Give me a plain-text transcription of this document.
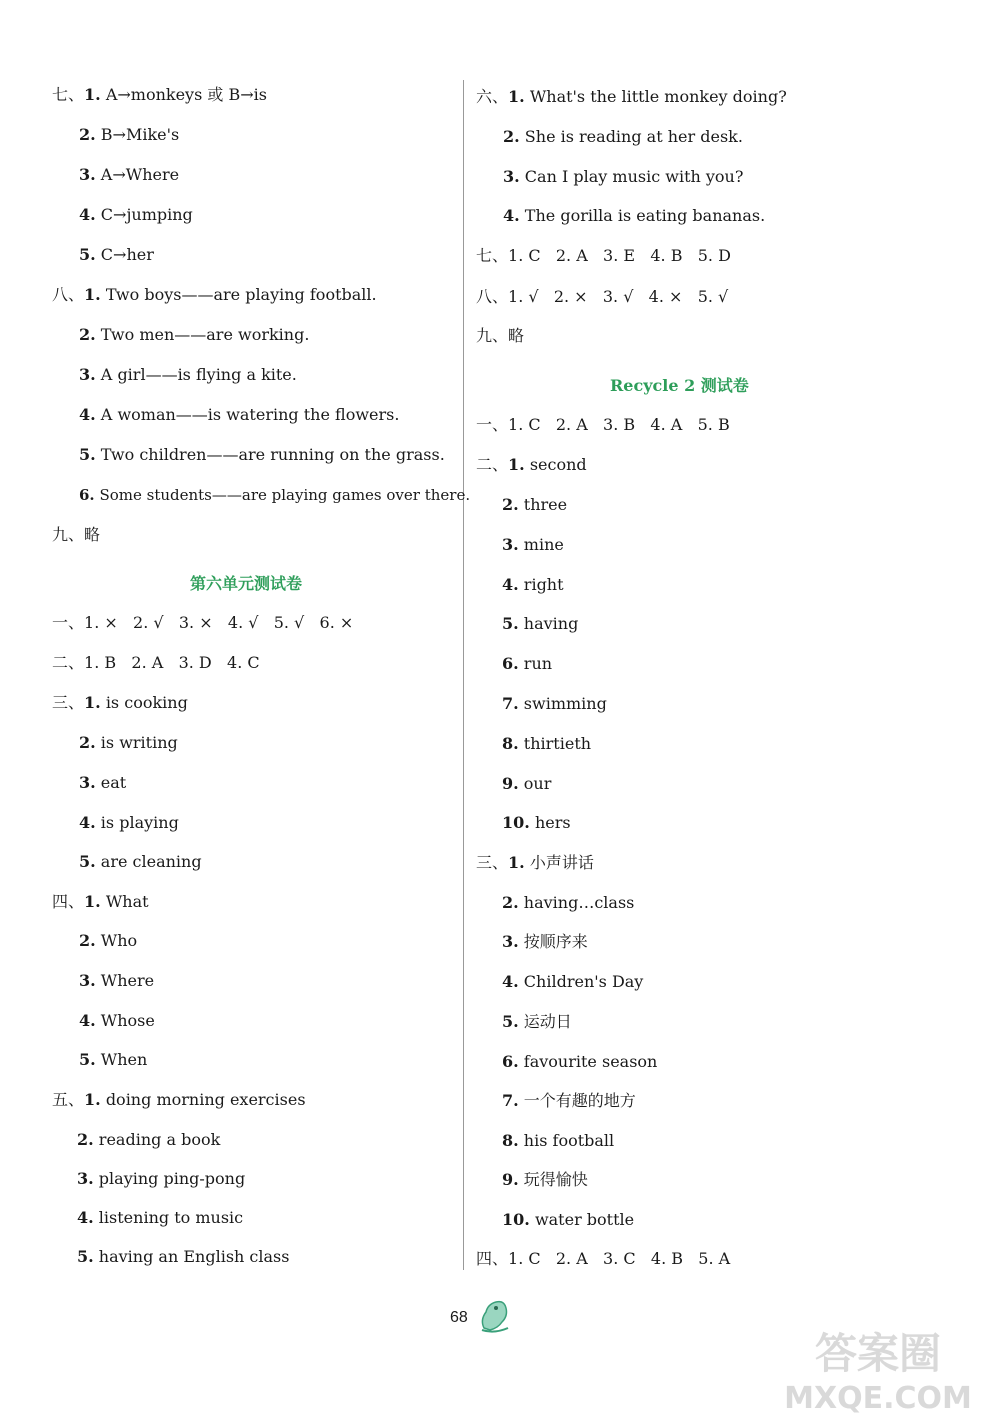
七、1. A→monkeys 或 B→is
2. B→Mike's
3. A→Where
4. C→jumping
5. C→her
八、1. Two boys——are playing football.
2. Two men——are working.
3. A girl——is flying a kite.
4. A woman——is watering the flowers.
5. Two children——are running on the grass.
6. Some students——are playing games over there.
九、略
第六单元测试卷
一、1. × 2. √ 3. × 4. √ 5. √ 6. ×
二、1. B 2. A 3. D 4. C
三、1. is cooking
2. is writing
3. eat
4. is playing
5. are cleaning
四、1. What
2. Who
3. Where
4. Whose
5. When
五、1. doing morning exercises
2. reading a book
3. playing ping-pong
4. listening to music
5. having an English class
六、1. What's the little monkey doing?
2. She is reading at her desk.
3. Can I play music with you?
4. The gorilla is eating bananas.
七、1. C 2. A 3. E 4. B 5. D
八、1. √ 2. × 3. √ 4. × 5. √
九、略
Recycle 2 测试卷
一、1. C 2. A 3. B 4. A 5. B
二、1. second
2. three
3. mine
4. right
5. having
6. run
7. swimming
8. thirtieth
9. our
10. hers
三、1. 小声讲话
2. having…class
3. 按顺序来
4. Children's Day
5. 运动日
6. favourite season
7. 一个有趣的地方
8. his football
9. 玩得愉快
10. water bottle
四、1. C 2. A 3. C 4. B 5. A
68
答案圈
MXQE.COM
